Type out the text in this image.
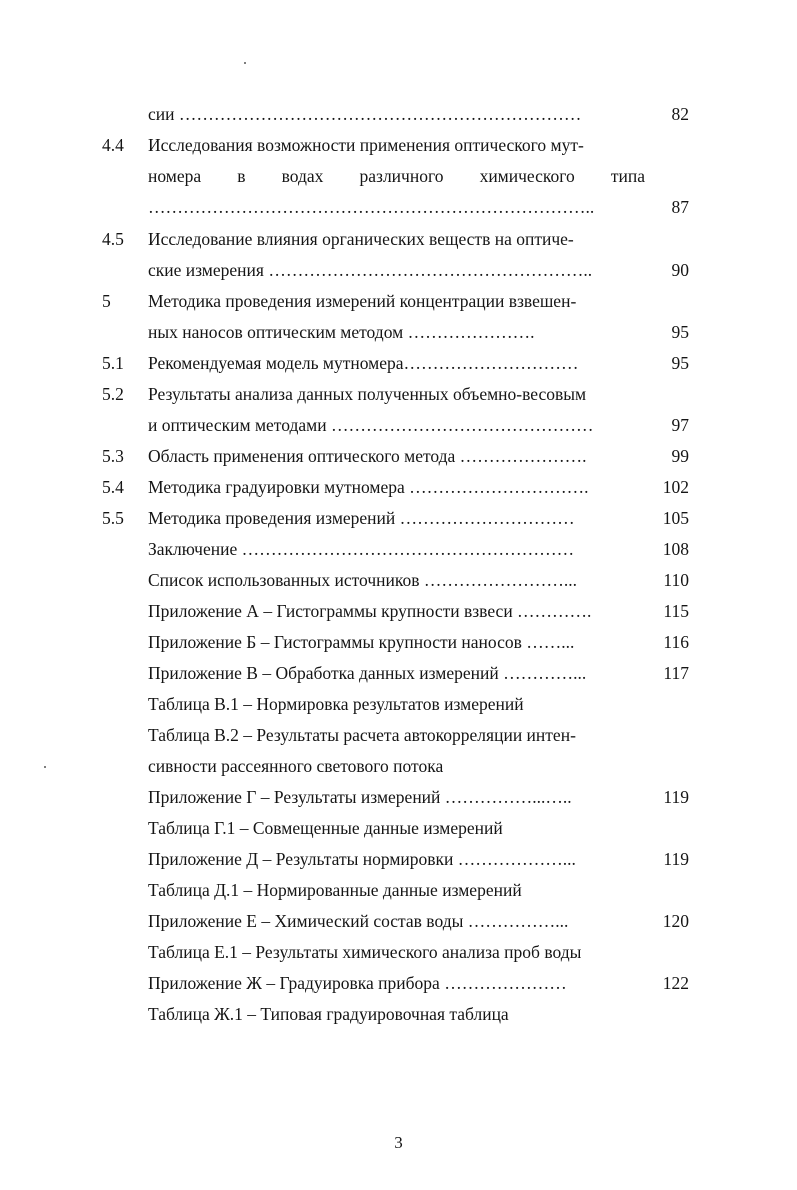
сии ……………………………………………………………	82
4.4 Исследования возможности применения оптического мут-
номера в водах различного химического типа
…………………………………………………………………..	87
4.5 Исследование влияния органических веществ на оптиче-
ские измерения ………………………………………………..	90
5 Методика проведения измерений концентрации взвешен-
ных наносов оптическим методом ………………….	95
5.1 Рекомендуемая модель мутномера…………………………	95
5.2 Результаты анализа данных полученных объемно-весовым
и оптическим методами ………………………………………	97
5.3 Область применения оптического метода ………………….	99
5.4 Методика градуировки мутномера ………………………….	102
5.5 Методика проведения измерений …………………………	105
Заключение …………………………………………………	108
Список использованных источников ……………………...	110
Приложение А – Гистограммы крупности взвеси ………….	115
Приложение Б – Гистограммы крупности наносов ……...	116
Приложение В – Обработка данных измерений …………...	117
Таблица В.1 – Нормировка результатов измерений
Таблица В.2 – Результаты расчета автокорреляции интен-
сивности рассеянного светового потока
Приложение Г – Результаты измерений ……………...…..	119
Таблица Г.1 – Совмещенные данные измерений
Приложение Д – Результаты нормировки ………………...	119
Таблица Д.1 – Нормированные данные измерений
Приложение Е – Химический состав воды ……………...	120
Таблица Е.1 – Результаты химического анализа проб воды
Приложение Ж – Градуировка прибора …………………	122
Таблица Ж.1 – Типовая градуировочная таблица
3
